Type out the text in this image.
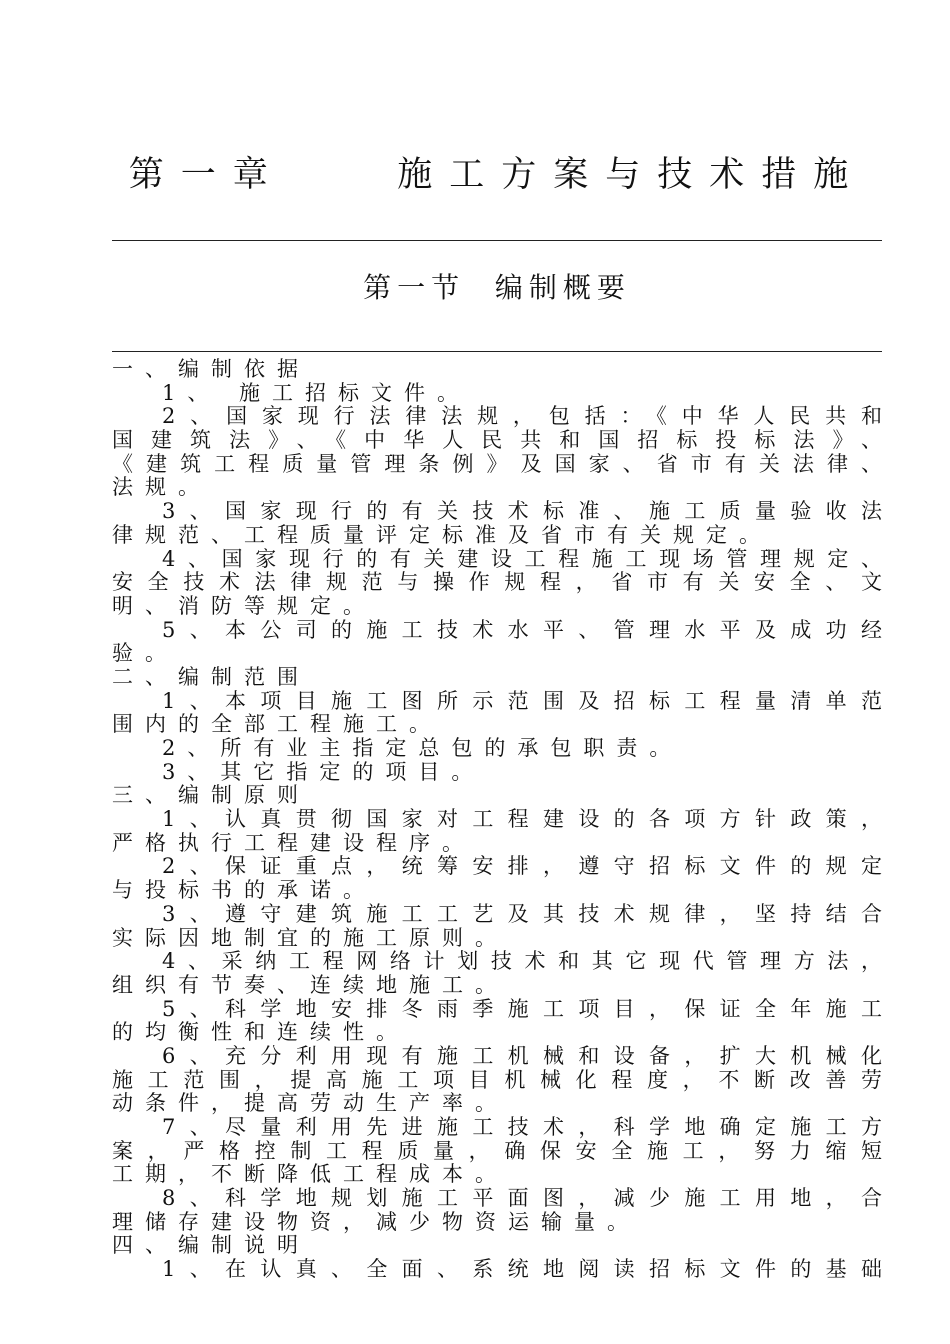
第一章    施工方案与技术措施
第一节  编制概要
一、编制依据
1、 施工招标文件。
2、国家现行法律法规，包括：《中华人民共和
国建筑法》、《中华人民共和国招标投标法》、
《建筑工程质量管理条例》及国家、省市有关法律、
法规。
3、国家现行的有关技术标准、施工质量验收法
律规范、工程质量评定标准及省市有关规定。
4、国家现行的有关建设工程施工现场管理规定、
安全技术法律规范与操作规程，省市有关安全、文
明、消防等规定。
5、本公司的施工技术水平、管理水平及成功经
验。
二、编制范围
1、本项目施工图所示范围及招标工程量清单范
围内的全部工程施工。
2、所有业主指定总包的承包职责。
3、其它指定的项目。
三、编制原则
1、认真贯彻国家对工程建设的各项方针政策，
严格执行工程建设程序。
2、保证重点，统筹安排，遵守招标文件的规定
与投标书的承诺。
3、遵守建筑施工工艺及其技术规律，坚持结合
实际因地制宜的施工原则。
4、采纳工程网络计划技术和其它现代管理方法，
组织有节奏、连续地施工。
5、科学地安排冬雨季施工项目，保证全年施工
的均衡性和连续性。
6、充分利用现有施工机械和设备，扩大机械化
施工范围，提高施工项目机械化程度，不断改善劳
动条件，提高劳动生产率。
7、尽量利用先进施工技术，科学地确定施工方
案，严格控制工程质量，确保安全施工，努力缩短
工期，不断降低工程成本。
8、科学地规划施工平面图，减少施工用地，合
理储存建设物资，减少物资运输量。
四、编制说明
1、在认真、全面、系统地阅读招标文件的基础
